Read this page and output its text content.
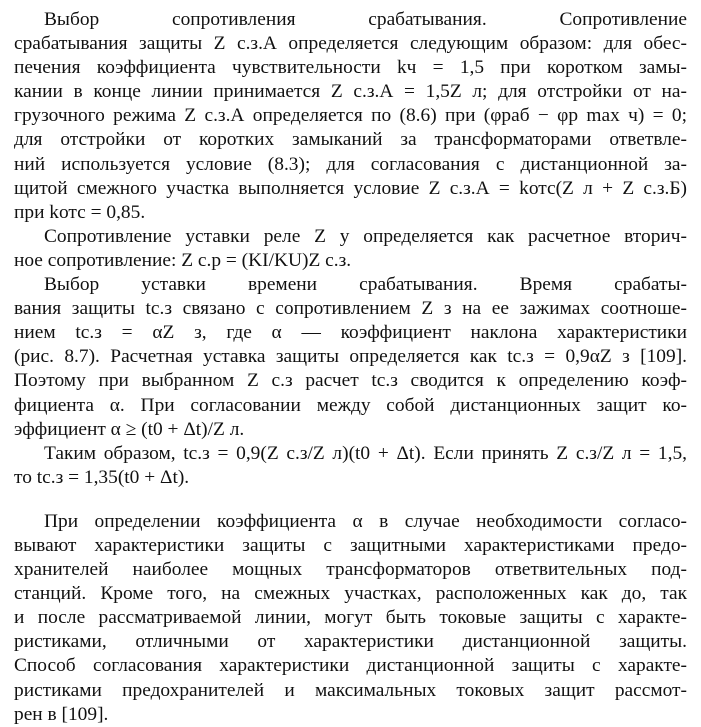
Выбор сопротивления срабатывания. Сопротивление
срабатывания защиты Z с.з.А определяется следующим образом: для обес-
печения коэффициента чувствительности kч = 1,5 при коротком замы-
кании в конце линии принимается Z с.з.А = 1,5Z л; для отстройки от на-
грузочного режима Z с.з.А определяется по (8.6) при (φраб − φр max ч) = 0;
для отстройки от коротких замыканий за трансформаторами ответвле-
ний используется условие (8.3); для согласования с дистанционной за-
щитой смежного участка выполняется условие Z с.з.А = kотс(Z л + Z с.з.Б)
при kотс = 0,85.
Сопротивление уставки реле Z у определяется как расчетное вторич-
ное сопротивление: Z с.р = (KI/KU)Z с.з.
Выбор уставки времени срабатывания. Время срабаты-
вания защиты tс.з связано с сопротивлением Z з на ее зажимах соотноше-
нием tс.з = αZ з, где α — коэффициент наклона характеристики
(рис. 8.7). Расчетная уставка защиты определяется как tс.з = 0,9αZ з [109].
Поэтому при выбранном Z с.з расчет tс.з сводится к определению коэф-
фициента α. При согласовании между собой дистанционных защит ко-
эффициент α ≥ (t0 + Δt)/Z л.
Таким образом, tс.з = 0,9(Z с.з/Z л)(t0 + Δt). Если принять Z с.з/Z л = 1,5,
то tс.з = 1,35(t0 + Δt).
При определении коэффициента α в случае необходимости согласо-
вывают характеристики защиты с защитными характеристиками предо-
хранителей наиболее мощных трансформаторов ответвительных под-
станций. Кроме того, на смежных участках, расположенных как до, так
и после рассматриваемой линии, могут быть токовые защиты с характе-
ристиками, отличными от характеристики дистанционной защиты.
Способ согласования характеристики дистанционной защиты с характе-
ристиками предохранителей и максимальных токовых защит рассмот-
рен в [109].
